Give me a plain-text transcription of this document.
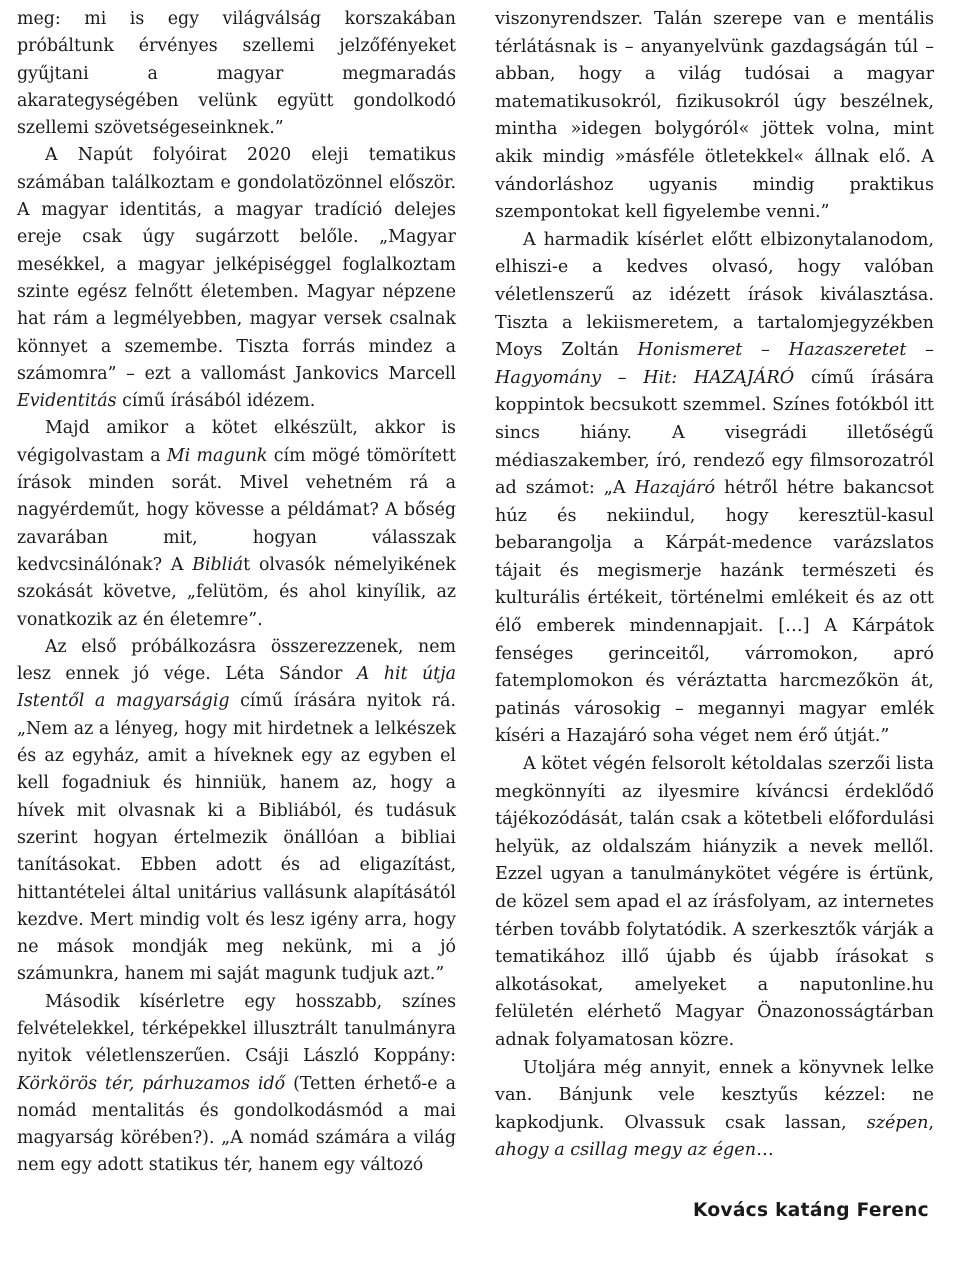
meg: mi is egy világválság korszakában próbáltunk érvényes szellemi jelzőfényeket gyűjtani a magyar megmaradás akarategységében velünk együtt gondolkodó szellemi szövetségeseinknek.”

A Napút folyóirat 2020 eleji tematikus számában találkoztam e gondolatözönnel először. A magyar identitás, a magyar tradíció delejes ereje csak úgy sugárzott belőle. „Magyar mesékkel, a magyar jelképiséggel foglalkoztam szinte egész felnőtt életemben. Magyar népzene hat rám a legmélyebben, magyar versek csalnak könnyet a szemembe. Tiszta forrás mindez a számomra” – ezt a vallomást Jankovics Marcell Evidentitás című írásából idézem.

Majd amikor a kötet elkészült, akkor is végigolvastam a Mi magunk cím mögé tömörített írások minden sorát. Mivel vehetném rá a nagyérdeműt, hogy kövesse a példámat? A bőség zavarában mit, hogyan válasszak kedvcsinálónak? A Bibliát olvasók némelyikének szokását követve, „felütöm, és ahol kinyílik, az vonatkozik az én életemre”.

Az első próbálkozásra összerezzenek, nem lesz ennek jó vége. Léta Sándor A hit útja Istentől a magyarságig című írására nyitok rá. „Nem az a lényeg, hogy mit hirdetnek a lelkészek és az egyház, amit a híveknek egy az egyben el kell fogadniuk és hinniük, hanem az, hogy a hívek mit olvasnak ki a Bibliából, és tudásuk szerint hogyan értelmezik önállóan a bibliai tanításokat. Ebben adott és ad eligazítást, hittantételei által unitárius vallásunk alapításától kezdve. Mert mindig volt és lesz igény arra, hogy ne mások mondják meg nekünk, mi a jó számunkra, hanem mi saját magunk tudjuk azt.”

Második kísérletre egy hosszabb, színes felvételekkel, térképekkel illusztrált tanulmányra nyitok véletlenszerűen. Csáji László Koppány: Körkörös tér, párhuzamos idő (Tetten érhető-e a nomád mentalitás és gondolkodásmód a mai magyarság körében?). „A nomád számára a világ nem egy adott statikus tér, hanem egy változó

viszonyrendszer. Talán szerepe van e mentális térlátásnak is – anyanyelvünk gazdagságán túl – abban, hogy a világ tudósai a magyar matematikusokról, fizikusokról úgy beszélnek, mintha »idegen bolygóról« jöttek volna, mint akik mindig »másféle ötletekkel« állnak elő. A vándorláshoz ugyanis mindig praktikus szempontokat kell figyelembe venni.”

A harmadik kísérlet előtt elbizonytalanodom, elhiszi-e a kedves olvasó, hogy valóban véletlenszerű az idézett írások kiválasztása. Tiszta a lekiismeretem, a tartalomjegyzékben Moys Zoltán Honismeret – Hazaszeretet – Hagyomány – Hit: HAZAJÁRÓ című írására koppintok becsukott szemmel. Színes fotókból itt sincs hiány. A visegrádi illetőségű médiaszakember, író, rendező egy filmsorozatról ad számot: „A Hazajáró hétről hétre bakancsot húz és nekiindul, hogy keresztül-kasul bebarangolja a Kárpát-medence varázslatos tájait és megismerje hazánk természeti és kulturális értékeit, történelmi emlékeit és az ott élő emberek mindennapjait. […] A Kárpátok fenséges gerinceitől, várromokon, apró fatemplomokon és véráztatta harcmezőkön át, patinás városokig – megannyi magyar emlék kíséri a Hazajáró soha véget nem érő útját.”

A kötet végén felsorolt kétoldalas szerzői lista megkönnyíti az ilyesmire kíváncsi érdeklődő tájékozódását, talán csak a kötetbeli előfordulási helyük, az oldalszám hiányzik a nevek mellől. Ezzel ugyan a tanulmánykötet végére is értünk, de közel sem apad el az írásfolyam, az internetes térben tovább folytatódik. A szerkesztők várják a tematikához illő újabb és újabb írásokat s alkotásokat, amelyeket a naputonline.hu felületén elérhető Magyar Önazonosságtárban adnak folyamatosan közre.

Utoljára még annyit, ennek a könyvnek lelke van. Bánjunk vele kesztyűs kézzel: ne kapkodjunk. Olvassuk csak lassan, szépen, ahogy a csillag megy az égen…

Kovács katáng Ferenc
